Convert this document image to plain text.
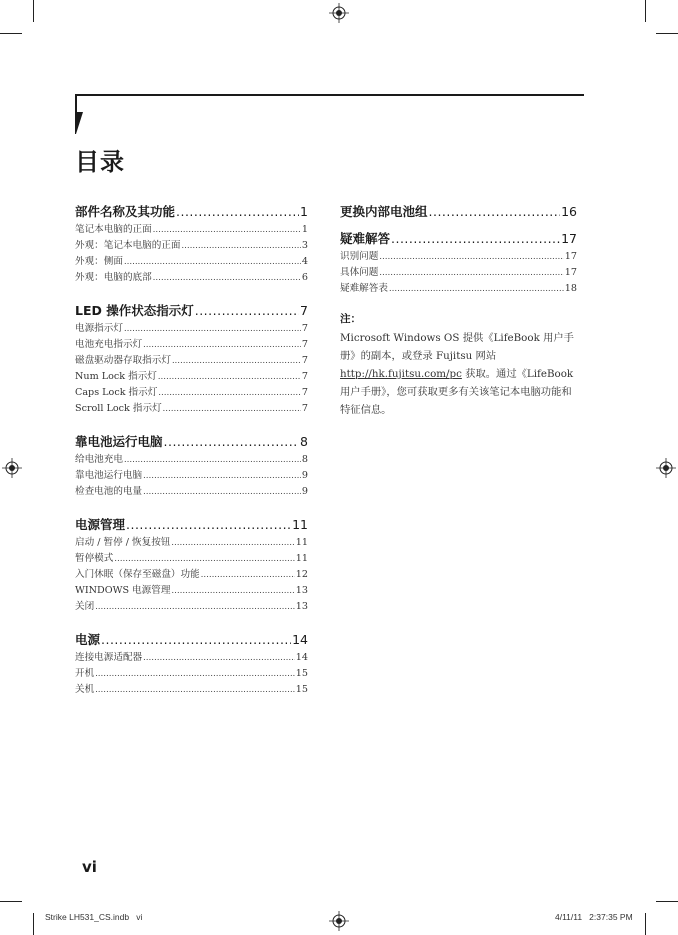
目录
部件名称及其功能 .....	1
笔记本电脑的正面 .....	1
外观：笔记本电脑的正面 .....	3
外观：侧面 .....	4
外观：电脑的底部 .....	6
LED 操作状态指示灯 .....	7
电源指示灯 .....	7
电池充电指示灯 .....	7
磁盘驱动器存取指示灯 .....	7
Num Lock 指示灯 .....	7
Caps Lock 指示灯 .....	7
Scroll Lock 指示灯 .....	7
靠电池运行电脑 .....	8
给电池充电 .....	8
靠电池运行电脑 .....	9
检查电池的电量 .....	9
电源管理 .....	11
启动 / 暂停 / 恢复按钮 .....	11
暂停模式 .....	11
入门休眠（保存至磁盘）功能 .....	12
WINDOWS 电源管理 .....	13
关闭 .....	13
电源 .....	14
连接电源适配器 .....	14
开机 .....	15
关机 .....	15
更换内部电池组 .....	16
疑难解答 .....	17
识别问题 .....	17
具体问题 .....	17
疑难解答表 .....	18
注：
Microsoft Windows OS 提供《LifeBook 用户手册》的副本，或登录 Fujitsu 网站
http://hk.fujitsu.com/pc 获取。通过《LifeBook 用户手册》，您可获取更多有关该笔记本电脑功能和特征信息。
vi
Strike LH531_CS.indb   vi	4/11/11   2:37:35 PM
